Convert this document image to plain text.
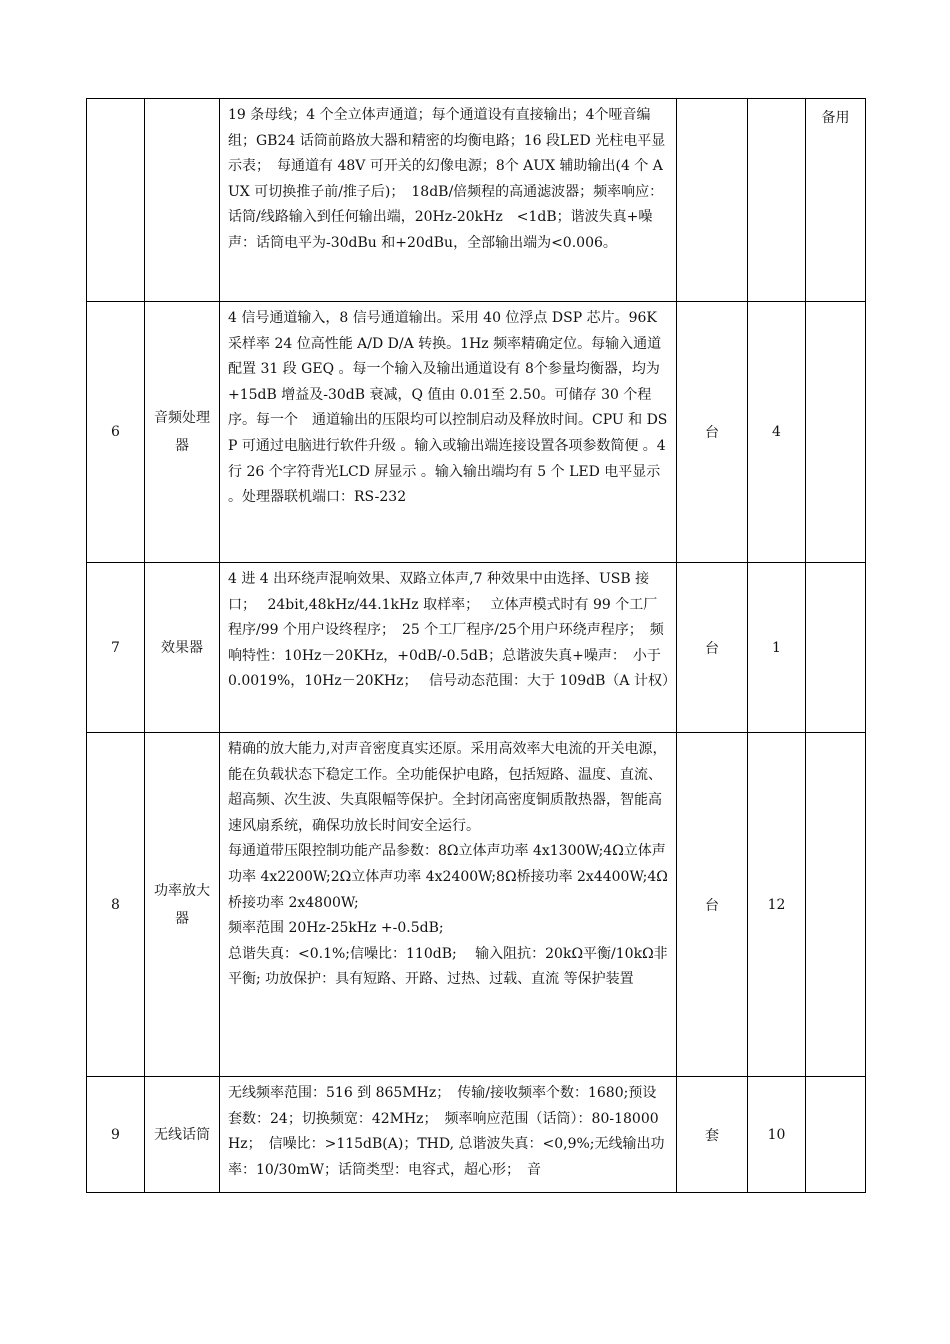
		19 条母线；4 个全立体声通道；每个通道设有直接输出；4个哑音编组；GB24 话筒前路放大器和精密的均衡电路；16 段LED 光柱电平显示表；　每通道有 48V 可开关的幻像电源；8个 AUX 辅助输出(4 个 AUX 可切换推子前/推子后)；　18dB/倍频程的高通滤波器；频率响应：话筒/线路输入到任何输出端，20Hz-20kHz　<1dB；谐波失真+噪声：话筒电平为-30dBu 和+20dBu，全部输出端为<0.006。			备用
6	音频处理器	4 信号通道输入，8 信号通道输出。采用 40 位浮点 DSP 芯片。96K 采样率 24 位高性能 A/D D/A 转换。1Hz 频率精确定位。每输入通道配置 31 段 GEQ 。每一个输入及输出通道设有 8个参量均衡器，均为+15dB 增益及-30dB 衰减，Q 值由 0.01至 2.50。可储存 30 个程序。每一个　通道输出的压限均可以控制启动及释放时间。CPU 和 DSP 可通过电脑进行软件升级 。输入或输出端连接设置各项参数简便 。4 行 26 个字符背光LCD 屏显示 。输入输出端均有 5 个 LED 电平显示 。处理器联机端口：RS-232	台	4	
7	效果器	4 进 4 出环绕声混响效果、双路立体声,7 种效果中由选择、USB 接口；　 24bit,48kHz/44.1kHz 取样率；　 立体声模式时有 99 个工厂程序/99 个用户设终程序；　25 个工厂程序/25个用户环绕声程序；　频响特性：10Hz－20KHz，+0dB/-0.5dB；总谐波失真+噪声：　小于 0.0019%，10Hz－20KHz；　 信号动态范围：大于 109dB（A 计权）	台	1	
8	功率放大器	精确的放大能力,对声音密度真实还原。采用高效率大电流的开关电源，能在负载状态下稳定工作。全功能保护电路，包括短路、温度、直流、超高频、次生波、失真限幅等保护。全封闭高密度铜质散热器，智能高速风扇系统，确保功放长时间安全运行。

每通道带压限控制功能产品参数：8Ω立体声功率 4x1300W;4Ω立体声功率 4x2200W;2Ω立体声功率 4x2400W;8Ω桥接功率 2x4400W;4Ω桥接功率 2x4800W;

频率范围 20Hz-25kHz +-0.5dB;

总谐失真：<0.1%;信噪比：110dB;　 输入阻抗：20kΩ平衡/10kΩ非平衡; 功放保护：具有短路、开路、过热、过载、直流 等保护装置	台	12	
9	无线话筒	无线频率范围：516 到 865MHz；　传输/接收频率个数：1680;预设套数：24；切换频宽：42MHz；　频率响应范围（话筒）：80-18000Hz；　信噪比：>115dB(A)；THD, 总谐波失真：<0,9%;无线输出功率：10/30mW；话筒类型：电容式，超心形；　音	套	10	
